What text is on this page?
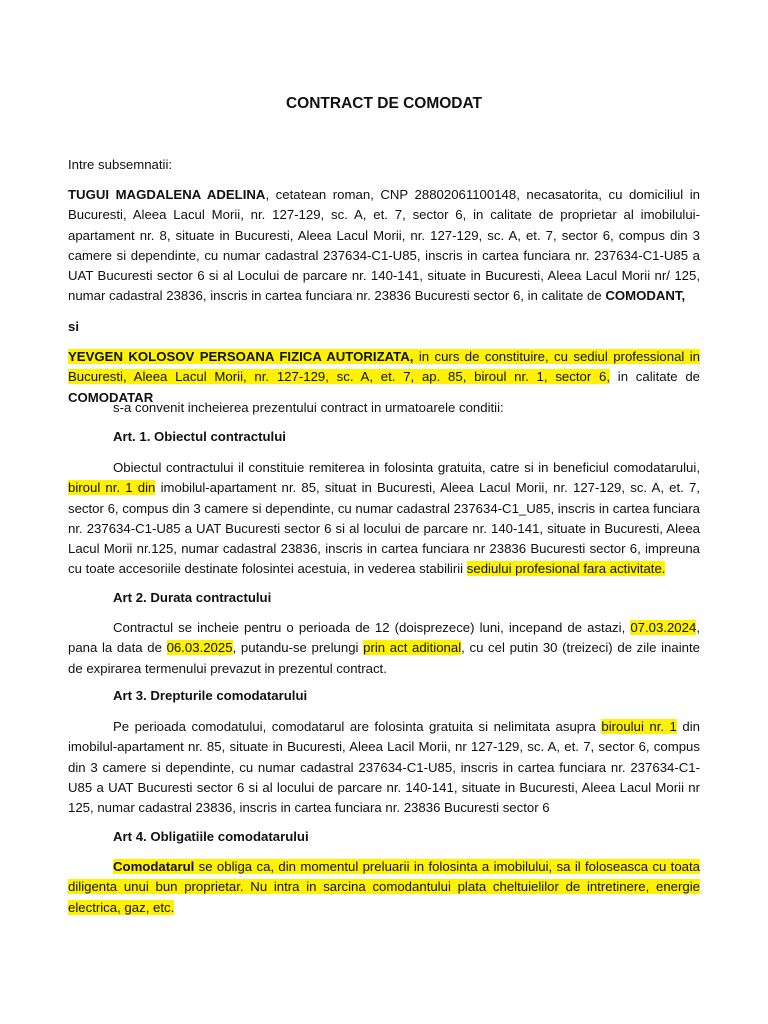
CONTRACT DE COMODAT

Intre subsemnatii:

TUGUI MAGDALENA ADELINA, cetatean roman, CNP 28802061100148, necasatorita, cu domiciliul in Bucuresti, Aleea Lacul Morii, nr. 127-129, sc. A, et. 7, sector 6, in calitate de proprietar al imobilului-apartament nr. 8, situate in Bucuresti, Aleea Lacul Morii, nr. 127-129, sc. A, et. 7, sector 6, compus din 3 camere si dependinte, cu numar cadastral 237634-C1-U85, inscris in cartea funciara nr. 237634-C1-U85 a UAT Bucuresti sector 6 si al Locului de parcare nr. 140-141, situate in Bucuresti, Aleea Lacul Morii nr/ 125, numar cadastral 23836, inscris in cartea funciara nr. 23836 Bucuresti sector 6, in calitate de COMODANT,

si

YEVGEN KOLOSOV PERSOANA FIZICA AUTORIZATA, in curs de constituire, cu sediul professional in Bucuresti, Aleea Lacul Morii, nr. 127-129, sc. A, et. 7, ap. 85, biroul nr. 1, sector 6, in calitate de COMODATAR

s-a convenit incheierea prezentului contract in urmatoarele conditii:

Art. 1. Obiectul contractului

Obiectul contractului il constituie remiterea in folosinta gratuita, catre si in beneficiul comodatarului, biroul nr. 1 din imobilul-apartament nr. 85, situat in Bucuresti, Aleea Lacul Morii, nr. 127-129, sc. A, et. 7, sector 6, compus din 3 camere si dependinte, cu numar cadastral 237634-C1_U85, inscris in cartea funciara nr. 237634-C1-U85 a UAT Bucuresti sector 6 si al locului de parcare nr. 140-141, situate in Bucuresti, Aleea Lacul Morii nr.125, numar cadastral 23836, inscris in cartea funciara nr 23836 Bucuresti sector 6, impreuna cu toate accesoriile destinate folosintei acestuia, in vederea stabilirii sediului profesional fara activitate.

Art 2. Durata contractului

Contractul se incheie pentru o perioada de 12 (doisprezece) luni, incepand de astazi, 07.03.2024, pana la data de 06.03.2025, putandu-se prelungi prin act aditional, cu cel putin 30 (treizeci) de zile inainte de expirarea termenului prevazut in prezentul contract.

Art 3. Drepturile comodatarului

Pe perioada comodatului, comodatarul are folosinta gratuita si nelimitata asupra biroului nr. 1 din imobilul-apartament nr. 85, situate in Bucuresti, Aleea Lacil Morii, nr 127-129, sc. A, et. 7, sector 6, compus din 3 camere si dependinte, cu numar cadastral 237634-C1-U85, inscris in cartea funciara nr. 237634-C1-U85 a UAT Bucuresti sector 6 si al locului de parcare nr. 140-141, situate in Bucuresti, Aleea Lacul Morii nr 125, numar cadastral 23836, inscris in cartea funciara nr. 23836 Bucuresti sector 6

Art 4. Obligatiile comodatarului

Comodatarul se obliga ca, din momentul preluarii in folosinta a imobilului, sa il foloseasca cu toata diligenta unui bun proprietar. Nu intra in sarcina comodantului plata cheltuielilor de intretinere, energie electrica, gaz, etc.
